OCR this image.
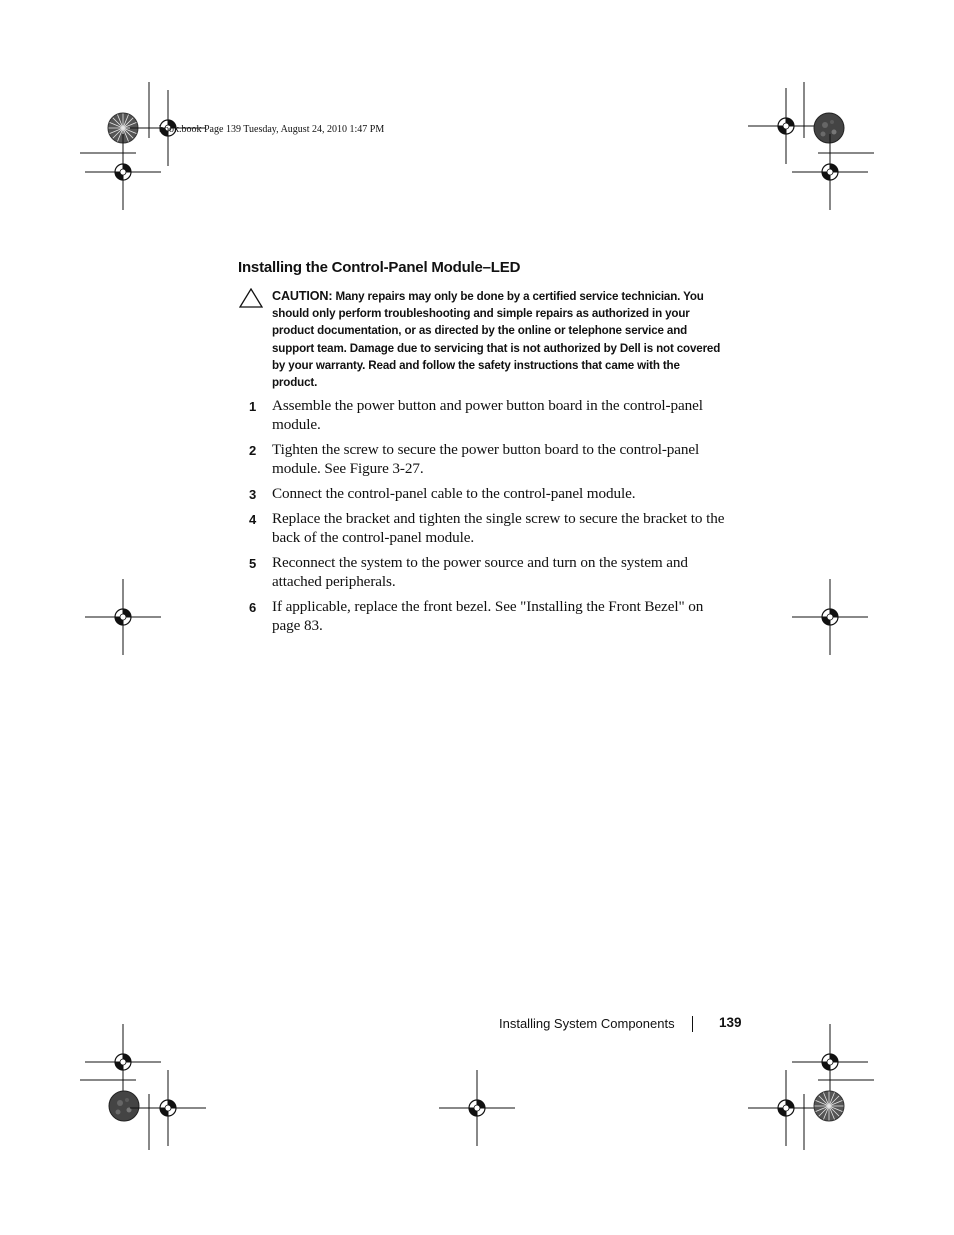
book.book Page 139 Tuesday, August 24, 2010 1:47 PM
Installing the Control-Panel Module–LED

CAUTION: Many repairs may only be done by a certified service technician. You should only perform troubleshooting and simple repairs as authorized in your product documentation, or as directed by the online or telephone service and support team. Damage due to servicing that is not authorized by Dell is not covered by your warranty. Read and follow the safety instructions that came with the product.

1 Assemble the power button and power button board in the control-panel module.
2 Tighten the screw to secure the power button board to the control-panel module. See Figure 3-27.
3 Connect the control-panel cable to the control-panel module.
4 Replace the bracket and tighten the single screw to secure the bracket to the back of the control-panel module.
5 Reconnect the system to the power source and turn on the system and attached peripherals.
6 If applicable, replace the front bezel. See "Installing the Front Bezel" on page 83.
Installing System Components	139
